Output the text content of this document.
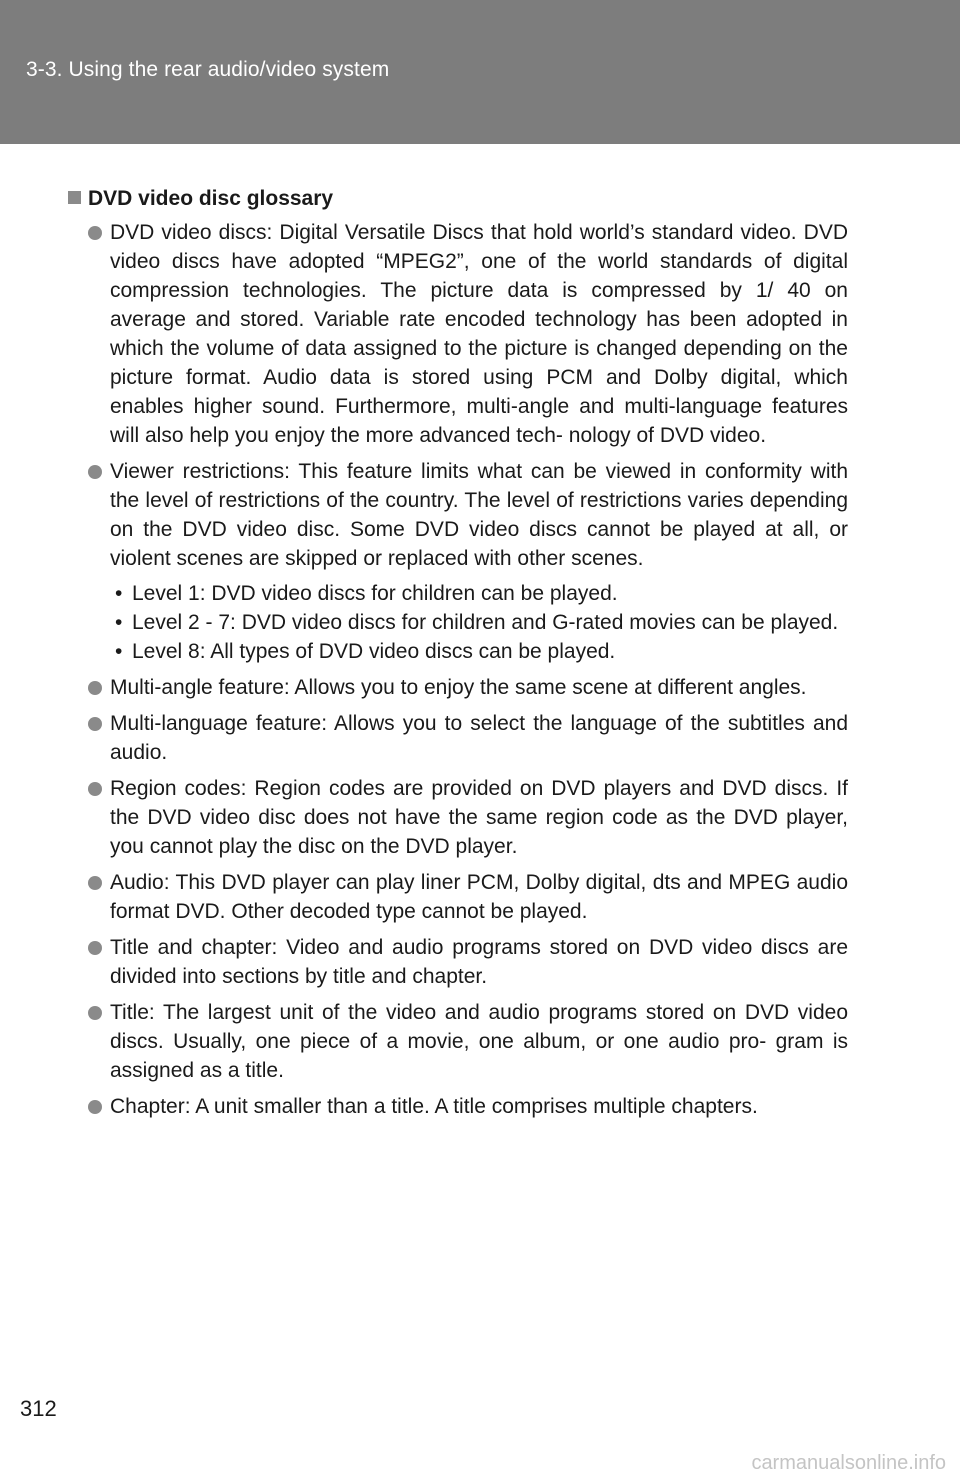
3-3. Using the rear audio/video system
DVD video disc glossary
DVD video discs: Digital Versatile Discs that hold world’s standard video. DVD video discs have adopted “MPEG2”, one of the world standards of digital compression technologies. The picture data is compressed by 1/ 40 on average and stored. Variable rate encoded technology has been adopted in which the volume of data assigned to the picture is changed depending on the picture format. Audio data is stored using PCM and Dolby digital, which enables higher sound. Furthermore, multi-angle and multi-language features will also help you enjoy the more advanced tech- nology of DVD video.
Viewer restrictions: This feature limits what can be viewed in conformity with the level of restrictions of the country. The level of restrictions varies depending on the DVD video disc. Some DVD video discs cannot be played at all, or violent scenes are skipped or replaced with other scenes.
• Level 1: DVD video discs for children can be played.
• Level 2 - 7: DVD video discs for children and G-rated movies can be played.
• Level 8: All types of DVD video discs can be played.
Multi-angle feature: Allows you to enjoy the same scene at different angles.
Multi-language feature: Allows you to select the language of the subtitles and audio.
Region codes: Region codes are provided on DVD players and DVD discs. If the DVD video disc does not have the same region code as the DVD player, you cannot play the disc on the DVD player.
Audio: This DVD player can play liner PCM, Dolby digital, dts and MPEG audio format DVD. Other decoded type cannot be played.
Title and chapter: Video and audio programs stored on DVD video discs are divided into sections by title and chapter.
Title: The largest unit of the video and audio programs stored on DVD video discs. Usually, one piece of a movie, one album, or one audio pro- gram is assigned as a title.
Chapter: A unit smaller than a title. A title comprises multiple chapters.
312
carmanualsonline.info
